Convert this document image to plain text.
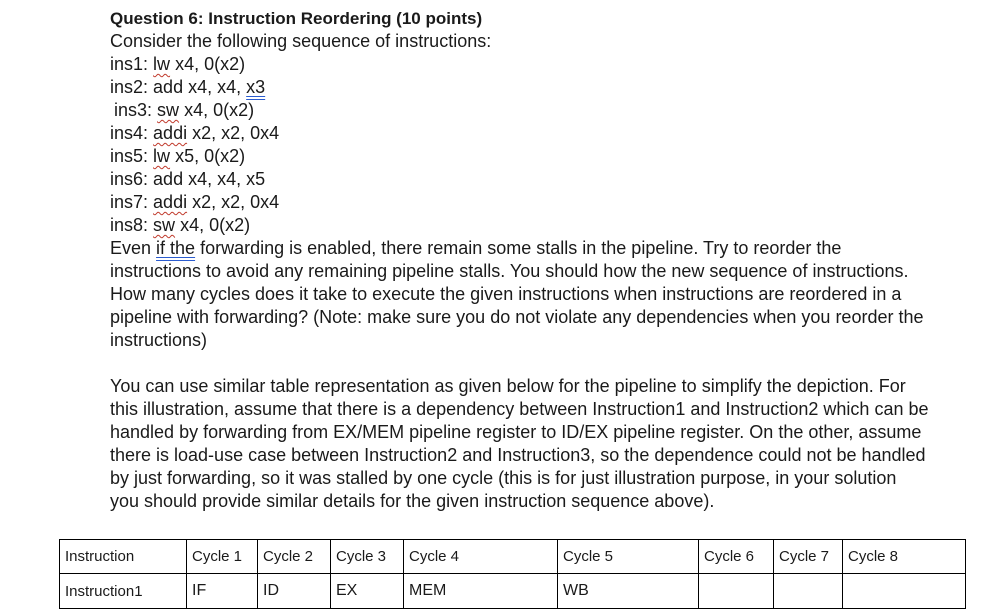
Question 6: Instruction Reordering (10 points)
Consider the following sequence of instructions:
ins1: lw x4, 0(x2)
ins2: add x4, x4, x3
ins3: sw x4, 0(x2)
ins4: addi x2, x2, 0x4
ins5: lw x5, 0(x2)
ins6: add x4, x4, x5
ins7: addi x2, x2, 0x4
ins8: sw x4, 0(x2)
Even if the forwarding is enabled, there remain some stalls in the pipeline. Try to reorder the instructions to avoid any remaining pipeline stalls. You should how the new sequence of instructions. How many cycles does it take to execute the given instructions when instructions are reordered in a pipeline with forwarding? (Note: make sure you do not violate any dependencies when you reorder the instructions)
You can use similar table representation as given below for the pipeline to simplify the depiction. For this illustration, assume that there is a dependency between Instruction1 and Instruction2 which can be handled by forwarding from EX/MEM pipeline register to ID/EX pipeline register. On the other, assume there is load-use case between Instruction2 and Instruction3, so the dependence could not be handled by just forwarding, so it was stalled by one cycle (this is for just illustration purpose, in your solution you should provide similar details for the given instruction sequence above).
Instruction	Cycle 1	Cycle 2	Cycle 3	Cycle 4	Cycle 5	Cycle 6	Cycle 7	Cycle 8
Instruction1	IF	ID	EX	MEM	WB			
